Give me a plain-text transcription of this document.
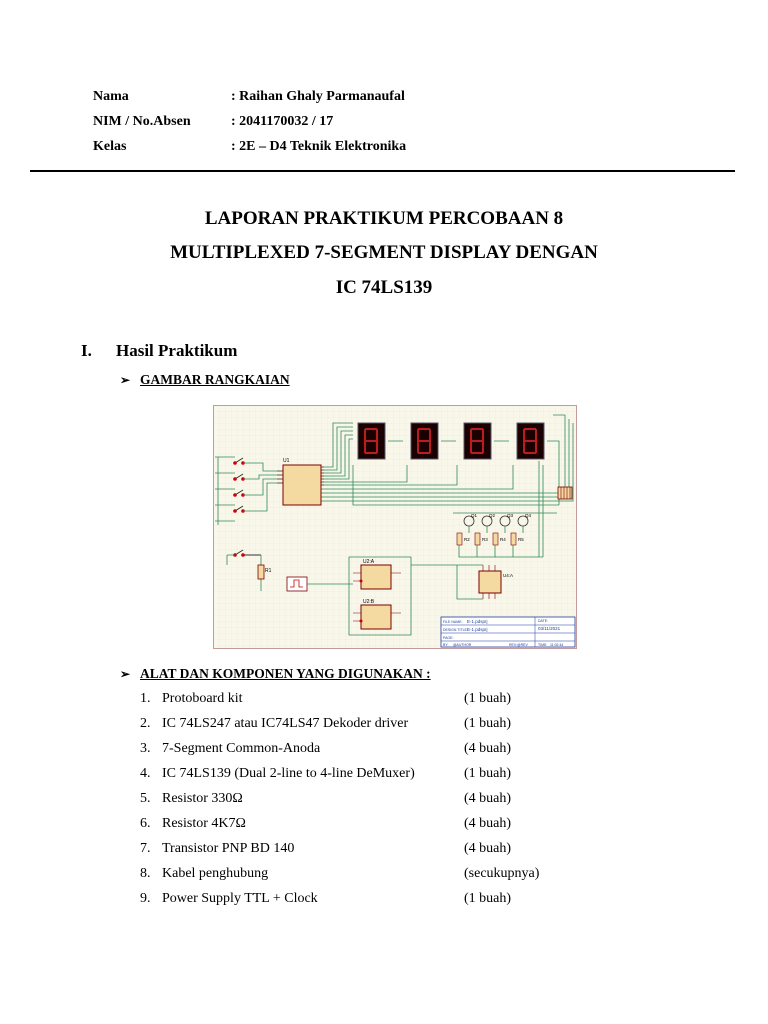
Nama	: Raihan Ghaly Parmanaufal
NIM / No.Absen	: 2041170032 / 17
Kelas	: 2E – D4 Teknik Elektronika
LAPORAN PRAKTIKUM PERCOBAAN 8
MULTIPLEXED 7-SEGMENT DISPLAY DENGAN
IC 74LS139
I. Hasil Praktikum
➢ GAMBAR RANGKAIAN
U1
R1
U2:A
U2:B
Q1	Q2	Q3	Q4
R2	R3	R4	R5
U4:A
FILE NAME: E-1.pdsprj
DESIGN TITLE: E-1.pdsprj
PAGE:
BY: @AUTHOR	REV:@REV
DATE:
03/11/2021
TIME: 11:02:44
➢ ALAT DAN KOMPONEN YANG DIGUNAKAN :
1. Protoboard kit	(1 buah)
2. IC 74LS247 atau IC74LS47 Dekoder driver	(1 buah)
3. 7-Segment Common-Anoda	(4 buah)
4. IC 74LS139 (Dual 2-line to 4-line DeMuxer)	(1 buah)
5. Resistor 330Ω	(4 buah)
6. Resistor 4K7Ω	(4 buah)
7. Transistor PNP BD 140	(4 buah)
8. Kabel penghubung	(secukupnya)
9. Power Supply TTL + Clock	(1 buah)
